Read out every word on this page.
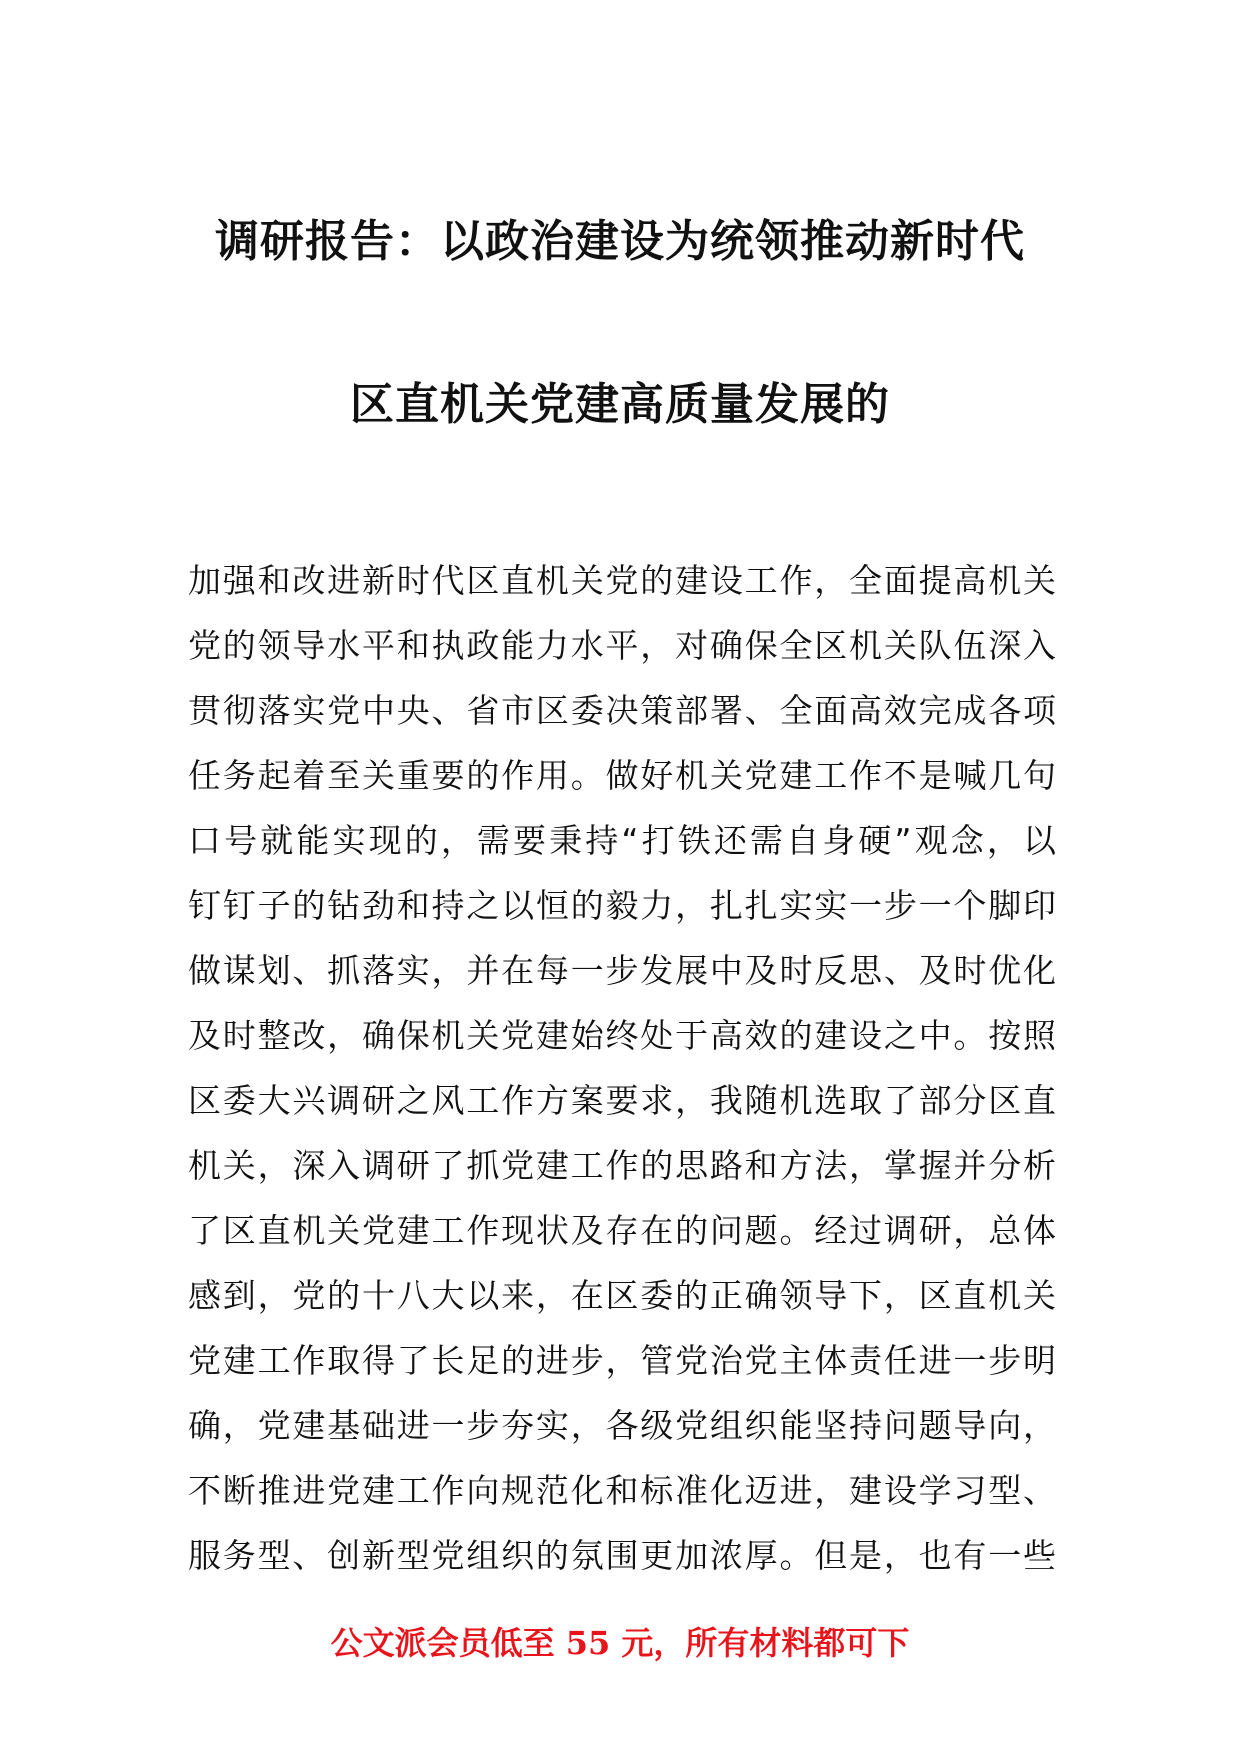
调研报告：以政治建设为统领推动新时代
区直机关党建高质量发展的
加强和改进新时代区直机关党的建设工作，全面提高机关
党的领导水平和执政能力水平，对确保全区机关队伍深入
贯彻落实党中央、省市区委决策部署、全面高效完成各项
任务起着至关重要的作用。做好机关党建工作不是喊几句
口号就能实现的，需要秉持“打铁还需自身硬”观念，以
钉钉子的钻劲和持之以恒的毅力，扎扎实实一步一个脚印
做谋划、抓落实，并在每一步发展中及时反思、及时优化
及时整改，确保机关党建始终处于高效的建设之中。按照
区委大兴调研之风工作方案要求，我随机选取了部分区直
机关，深入调研了抓党建工作的思路和方法，掌握并分析
了区直机关党建工作现状及存在的问题。经过调研，总体
感到，党的十八大以来，在区委的正确领导下，区直机关
党建工作取得了长足的进步，管党治党主体责任进一步明
确，党建基础进一步夯实，各级党组织能坚持问题导向，
不断推进党建工作向规范化和标准化迈进，建设学习型、
服务型、创新型党组织的氛围更加浓厚。但是，也有一些
公文派会员低至 55 元，所有材料都可下
